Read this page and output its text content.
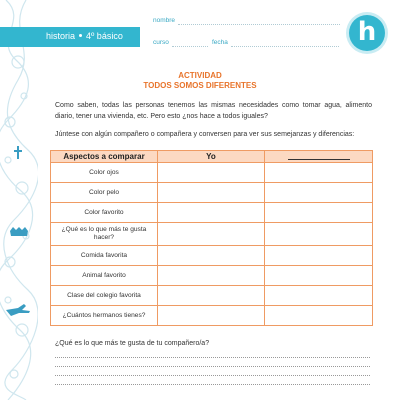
historia 4º básico
nombre
curso	fecha	h
ACTIVIDAD
TODOS SOMOS DIFERENTES
Como saben, todas las personas tenemos las mismas necesidades como tomar agua, alimento diario, tener una vivienda, etc. Pero esto ¿nos hace a todos iguales?
Júntese con algún compañero o compañera y conversen para ver sus semejanzas y diferencias:
Aspectos a comparar	Yo	
Color ojos		
Color pelo		
Color favorito		
¿Qué es lo que más te gusta hacer?		
Comida favorita		
Animal favorito		
Clase del colegio favorita		
¿Cuántos hermanos tienes?		
¿Qué es lo que más te gusta de tu compañero/a?
